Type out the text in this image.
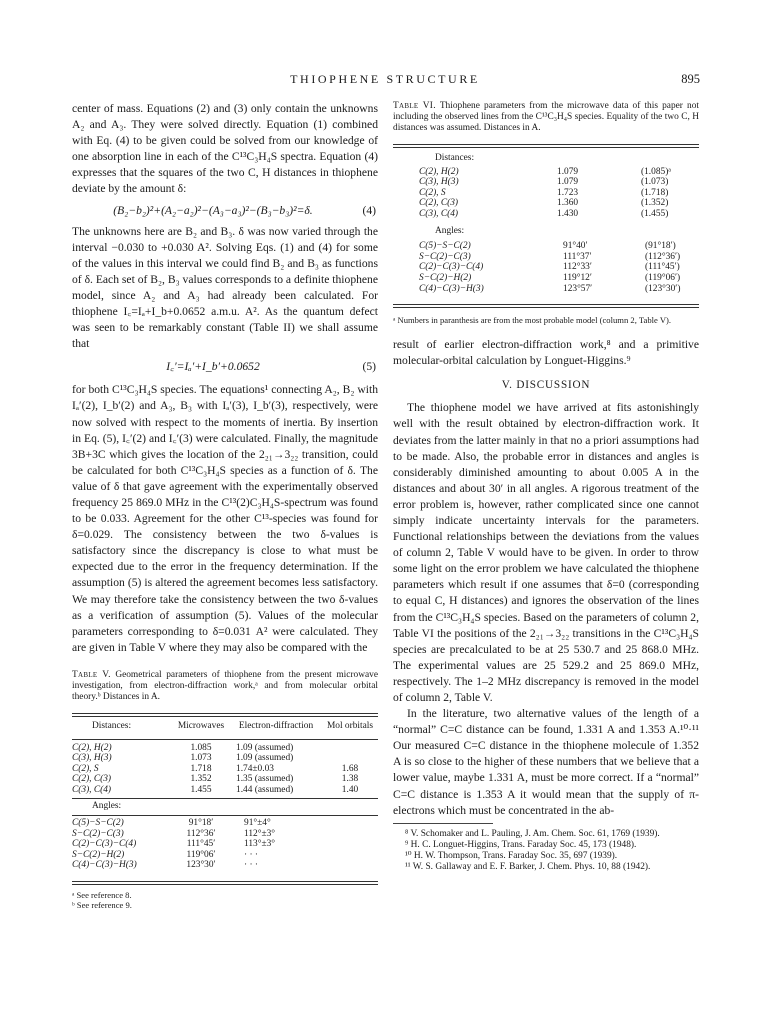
THIOPHENE STRUCTURE	895

center of mass. Equations (2) and (3) only contain the unknowns A₂ and A₃. They were solved directly. Equation (1) combined with Eq. (4) to be given could be solved from our knowledge of one absorption line in each of the C¹³C₃H₄S spectra. Equation (4) expresses that the squares of the two C, H distances in thiophene deviate by the amount δ:

(B₂−b₂)²+(A₂−a₂)²−(A₃−a₃)²−(B₃−b₃)²=δ.	(4)

The unknowns here are B₂ and B₃. δ was now varied through the interval −0.030 to +0.030 A². Solving Eqs. (1) and (4) for some of the values in this interval we could find B₂ and B₃ as functions of δ. Each set of B₂, B₃ values corresponds to a definite thiophene model, since A₂ and A₃ had already been calculated. For thiophene I꜀=Iₐ+I_b+0.0652 a.m.u. A². As the quantum defect was seen to be remarkably constant (Table II) we shall assume that

I꜀′=Iₐ′+I_b′+0.0652	(5)

for both C¹³C₃H₄S species. The equations¹ connecting A₂, B₂ with Iₐ′(2), I_b′(2) and A₃, B₃ with Iₐ′(3), I_b′(3), respectively, were now solved with respect to the moments of inertia. By insertion in Eq. (5), I꜀′(2) and I꜀′(3) were calculated. Finally, the magnitude 3B+3C which gives the location of the 2₂₁→3₂₂ transition, could be calculated for both C¹³C₃H₄S species as a function of δ. The value of δ that gave agreement with the experimentally observed frequency 25 869.0 MHz in the C¹³(2)C₃H₄S-spectrum was found to be 0.033. Agreement for the other C¹³-species was found for δ=0.029. The consistency between the two δ-values is satisfactory since the discrepancy is close to what must be expected due to the error in the frequency determination. If the assumption (5) is altered the agreement becomes less satisfactory. We may therefore take the consistency between the two δ-values as a verification of assumption (5). Values of the molecular parameters corresponding to δ=0.031 A² were calculated. They are given in Table V where they may also be compared with the

Table V. Geometrical parameters of thiophene from the present microwave investigation, from electron-diffraction work,ᵃ and from molecular orbital theory.ᵇ Distances in A.

Distances:	Microwaves	Electron-diffraction	Mol orbitals

C(2), H(2)	1.085	1.09 (assumed)	
C(3), H(3)	1.073	1.09 (assumed)	
C(2), S	1.718	1.74±0.03	1.68
C(2), C(3)	1.352	1.35 (assumed)	1.38
C(3), C(4)	1.455	1.44 (assumed)	1.40

Angles:			

C(5)−S−C(2)	91°18′	91°±4°	
S−C(2)−C(3)	112°36′	112°±3°	
C(2)−C(3)−C(4)	111°45′	113°±3°	
S−C(2)−H(2)	119°06′	· · ·	
C(4)−C(3)−H(3)	123°30′	· · ·	

ᵃ See reference 8.

ᵇ See reference 9.

Table VI. Thiophene parameters from the microwave data of this paper not including the observed lines from the C¹³C₃H₄S species. Equality of the two C, H distances was assumed. Distances in A.

Distances:		
C(2), H(2)	1.079	(1.085)ᵃ
C(3), H(3)	1.079	(1.073)
C(2), S	1.723	(1.718)
C(2), C(3)	1.360	(1.352)
C(3), C(4)	1.430	(1.455)
Angles:		
C(5)−S−C(2)	91°40′	(91°18′)
S−C(2)−C(3)	111°37′	(112°36′)
C(2)−C(3)−C(4)	112°33′	(111°45′)
S−C(2)−H(2)	119°12′	(119°06′)
C(4)−C(3)−H(3)	123°57′	(123°30′)

ᵃ Numbers in paranthesis are from the most probable model (column 2, Table V).

result of earlier electron-diffraction work,⁸ and a primitive molecular-orbital calculation by Longuet-Higgins.⁹

V. DISCUSSION

The thiophene model we have arrived at fits astonishingly well with the result obtained by electron-diffraction work. It deviates from the latter mainly in that no a priori assumptions had to be made. Also, the probable error in distances and angles is considerably diminished amounting to about 0.005 A in the distances and about 30′ in all angles. A rigorous treatment of the error problem is, however, rather complicated since one cannot simply indicate uncertainty intervals for the parameters. Functional relationships between the deviations from the values of column 2, Table V would have to be given. In order to throw some light on the error problem we have calculated the thiophene parameters which result if one assumes that δ=0 (corresponding to equal C, H distances) and ignores the observation of the lines from the C¹³C₃H₄S species. Based on the parameters of column 2, Table VI the positions of the 2₂₁→3₂₂ transitions in the C¹³C₃H₄S species are precalculated to be at 25 530.7 and 25 868.0 MHz. The experimental values are 25 529.2 and 25 869.0 MHz, respectively. The 1–2 MHz discrepancy is removed in the model of column 2, Table V.

In the literature, two alternative values of the length of a “normal” C=C distance can be found, 1.331 A and 1.353 A.¹⁰·¹¹ Our measured C=C distance in the thiophene molecule of 1.352 A is so close to the higher of these numbers that we believe that a lower value, maybe 1.331 A, must be more correct. If a “normal” C=C distance is 1.353 A it would mean that the supply of π-electrons which must be concentrated in the ab-

⁸ V. Schomaker and L. Pauling, J. Am. Chem. Soc. 61, 1769 (1939).

⁹ H. C. Longuet-Higgins, Trans. Faraday Soc. 45, 173 (1948).

¹⁰ H. W. Thompson, Trans. Faraday Soc. 35, 697 (1939).

¹¹ W. S. Gallaway and E. F. Barker, J. Chem. Phys. 10, 88 (1942).
